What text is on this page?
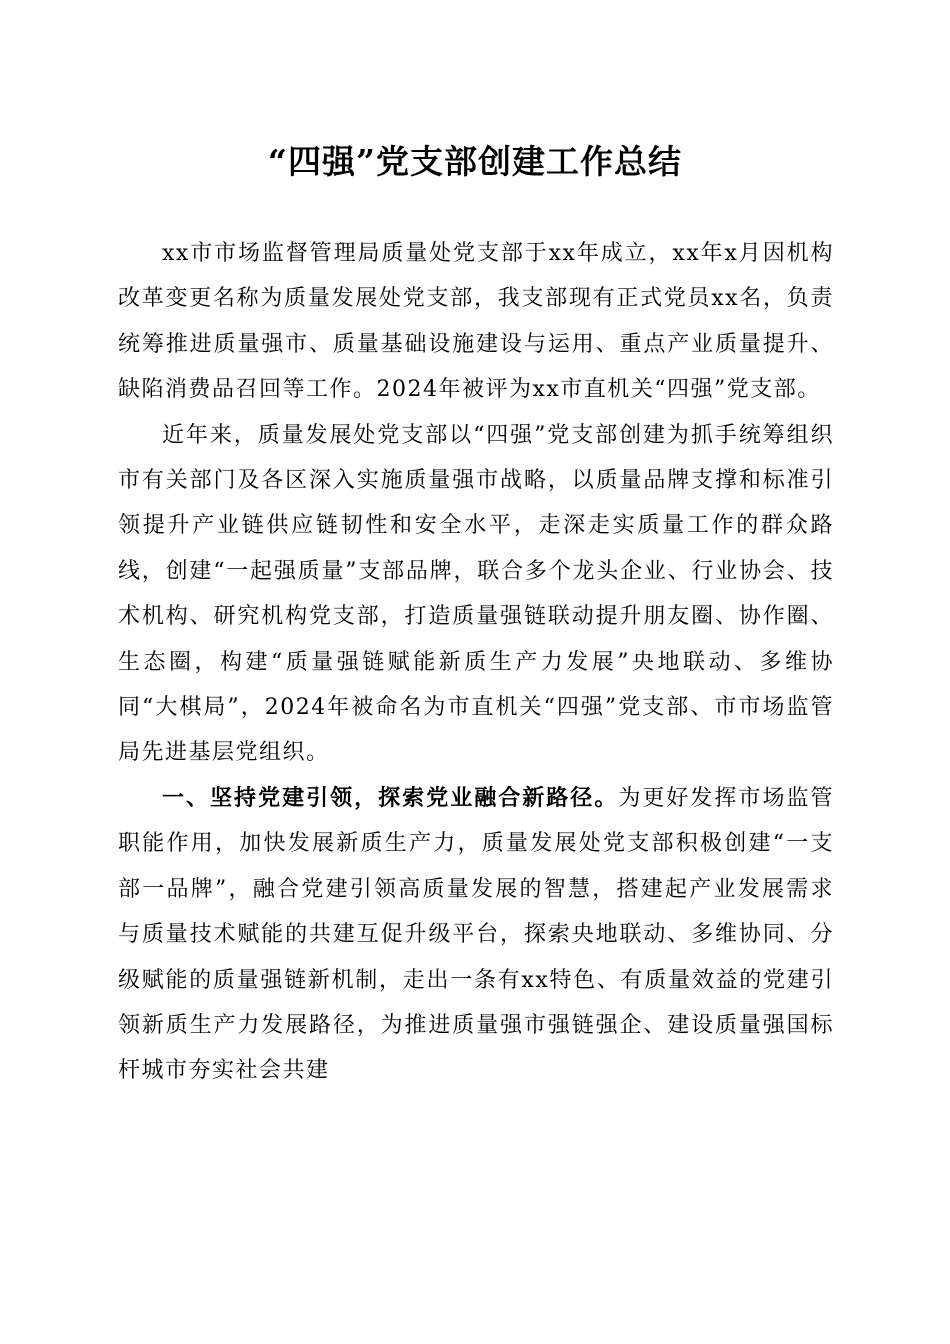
“四强”党支部创建工作总结

xx市市场监督管理局质量处党支部于xx年成立，xx年x月因机构改革变更名称为质量发展处党支部，我支部现有正式党员xx名，负责统筹推进质量强市、质量基础设施建设与运用、重点产业质量提升、缺陷消费品召回等工作。2024年被评为xx市直机关“四强”党支部。

近年来，质量发展处党支部以“四强”党支部创建为抓手统筹组织市有关部门及各区深入实施质量强市战略，以质量品牌支撑和标准引领提升产业链供应链韧性和安全水平，走深走实质量工作的群众路线，创建“一起强质量”支部品牌，联合多个龙头企业、行业协会、技术机构、研究机构党支部，打造质量强链联动提升朋友圈、协作圈、生态圈，构建“质量强链赋能新质生产力发展”央地联动、多维协同“大棋局”，2024年被命名为市直机关“四强”党支部、市市场监管局先进基层党组织。

一、坚持党建引领，探索党业融合新路径。为更好发挥市场监管职能作用，加快发展新质生产力，质量发展处党支部积极创建“一支部一品牌”，融合党建引领高质量发展的智慧，搭建起产业发展需求与质量技术赋能的共建互促升级平台，探索央地联动、多维协同、分级赋能的质量强链新机制，走出一条有xx特色、有质量效益的党建引领新质生产力发展路径，为推进质量强市强链强企、建设质量强国标杆城市夯实社会共建
